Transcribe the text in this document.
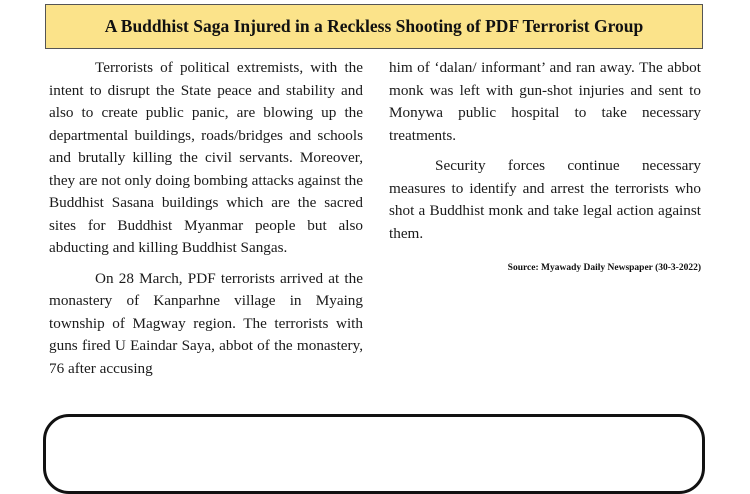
A Buddhist Saga Injured in a Reckless Shooting of PDF Terrorist Group

Terrorists of political extremists, with the intent to disrupt the State peace and stability and also to create public panic, are blowing up the departmental buildings, roads/bridges and schools and brutally killing the civil servants. Moreover, they are not only doing bombing attacks against the Buddhist Sasana buildings which are the sacred sites for Buddhist Myanmar people but also abducting and killing Buddhist Sangas.

On 28 March, PDF terrorists arrived at the monastery of Kanparhne village in Myaing township of Magway region. The terrorists with guns fired U Eaindar Saya, abbot of the monastery, 76 after accusing

him of ‘dalan/ informant’ and ran away. The abbot monk was left with gun-shot injuries and sent to Monywa public hospital to take necessary treatments.

Security forces continue necessary measures to identify and arrest the terrorists who shot a Buddhist monk and take legal action against them.

Source: Myawady Daily Newspaper (30-3-2022)
